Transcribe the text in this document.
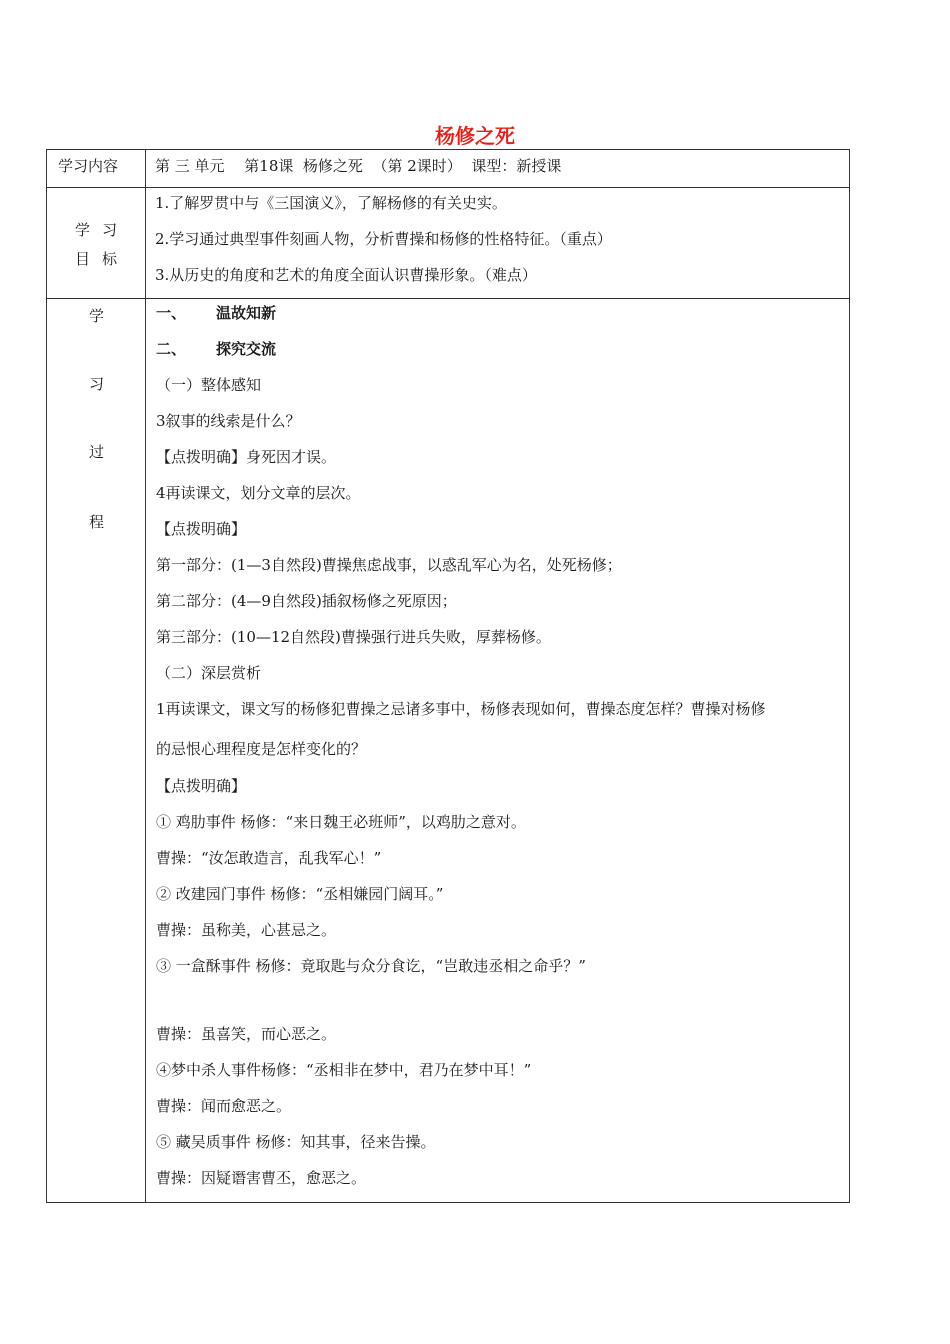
杨修之死
学习内容	第 三 单元　 第18课  杨修之死  （第 2课时）  课型：新授课
学习
目标

1.了解罗贯中与《三国演义》，了解杨修的有关史实。

2.学习通过典型事件刻画人物，分析曹操和杨修的性格特征。（重点）

3.从历史的角度和艺术的角度全面认识曹操形象。（难点）

学
习
过
程
一、 温故知新
二、 探究交流
（一）整体感知
3叙事的线索是什么？
【点拨明确】身死因才误。
4再读课文，划分文章的层次。
【点拨明确】
第一部分：(1—3自然段)曹操焦虑战事，以惑乱军心为名，处死杨修；
第二部分：(4—9自然段)插叙杨修之死原因；
第三部分：(10—12自然段)曹操强行进兵失败，厚葬杨修。
（二）深层赏析
1再读课文，课文写的杨修犯曹操之忌诸多事中，杨修表现如何，曹操态度怎样？曹操对杨修
的忌恨心理程度是怎样变化的？
【点拨明确】
① 鸡肋事件 杨修：“来日魏王必班师”，以鸡肋之意对。
曹操：“汝怎敢造言，乱我军心！”
② 改建园门事件 杨修：“丞相嫌园门阔耳。”
曹操：虽称美，心甚忌之。
③ 一盒酥事件 杨修：竟取匙与众分食讫，“岂敢违丞相之命乎？”
曹操：虽喜笑，而心恶之。
④梦中杀人事件杨修：“丞相非在梦中，君乃在梦中耳！”
曹操：闻而愈恶之。
⑤ 藏吴质事件 杨修：知其事，径来告操。
曹操：因疑谮害曹丕，愈恶之。
